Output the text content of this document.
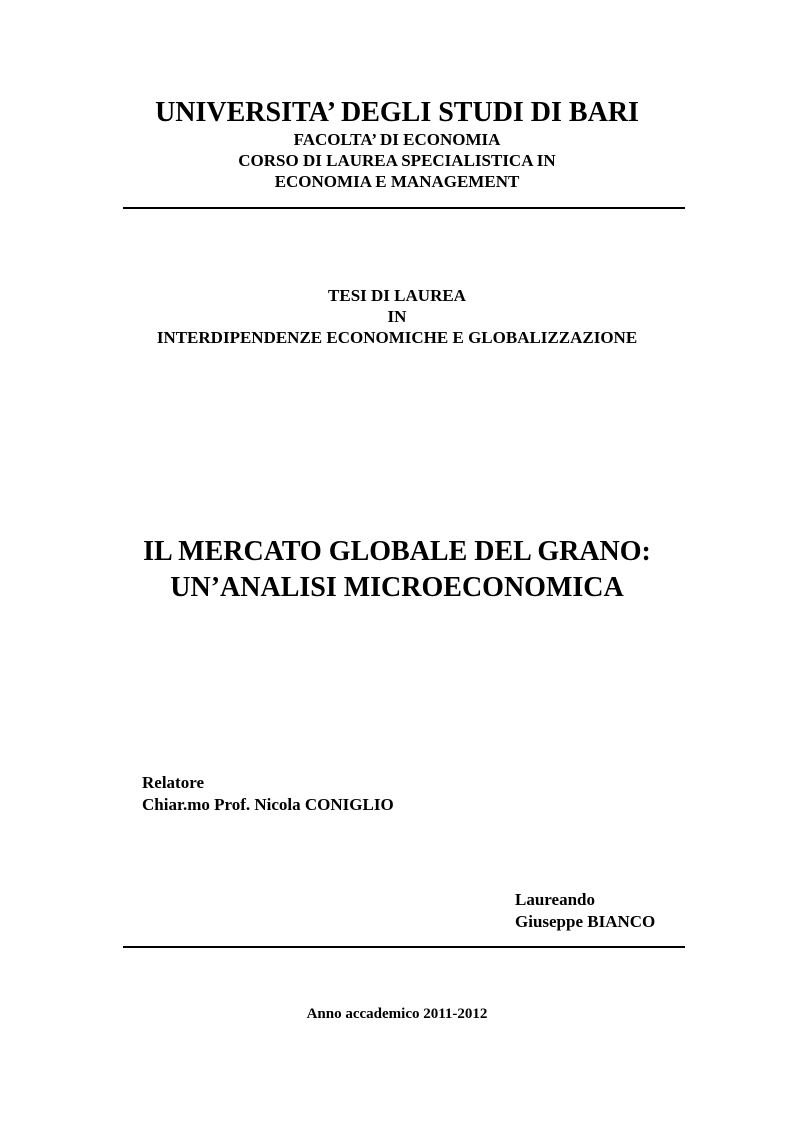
UNIVERSITA’ DEGLI STUDI DI BARI
FACOLTA’ DI ECONOMIA
CORSO DI LAUREA SPECIALISTICA IN
ECONOMIA E MANAGEMENT
TESI DI LAUREA
IN
INTERDIPENDENZE ECONOMICHE E GLOBALIZZAZIONE
IL MERCATO GLOBALE DEL GRANO:
UN’ANALISI MICROECONOMICA
Relatore
Chiar.mo Prof. Nicola CONIGLIO
Laureando
Giuseppe BIANCO
Anno accademico 2011-2012
